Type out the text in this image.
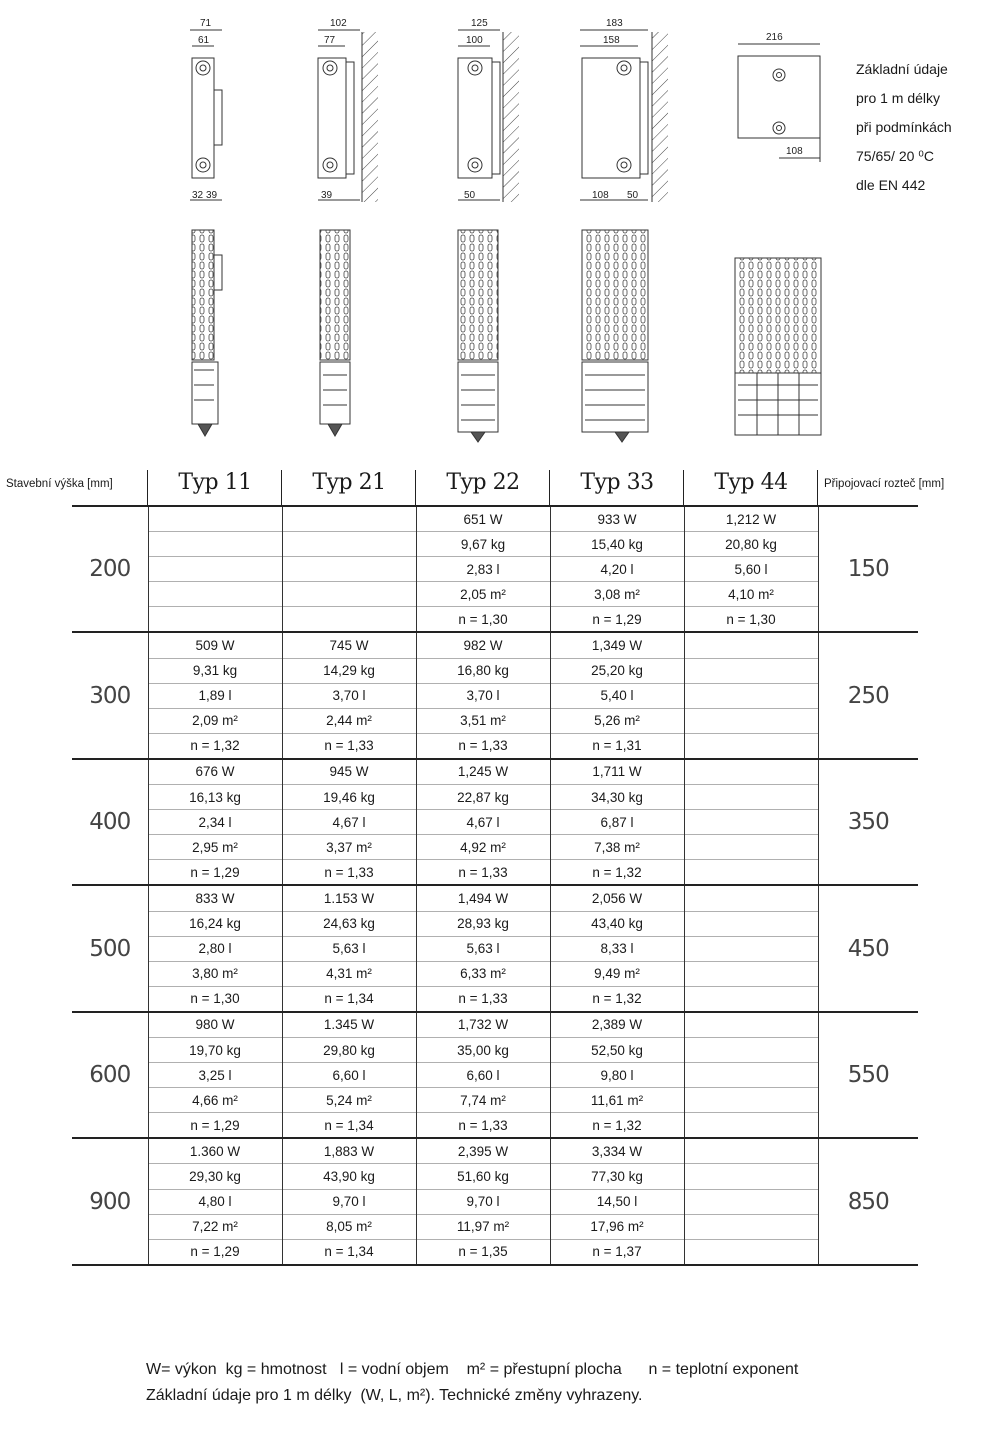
71
61
32 39
102
77
39
125
100
50
183
158
108 50
216
108
Základní údaje
pro 1 m délky
při podmínkách
75/65/ 20 ⁰C
dle EN 442
Stavební výška [mm]	Připojovací rozteč [mm]
Typ 11	Typ 21	Typ 22	Typ 33	Typ 44
200			651 W	933 W	1,212 W	150
			9,67 kg	15,40 kg	20,80 kg	
			2,83 l	4,20 l	5,60 l	
			2,05 m²	3,08 m²	4,10 m²	
			n = 1,30	n = 1,29	n = 1,30	
300	509 W	745 W	982 W	1,349 W		250
	9,31 kg	14,29 kg	16,80 kg	25,20 kg		
	1,89 l	3,70 l	3,70 l	5,40 l		
	2,09 m²	2,44 m²	3,51 m²	5,26 m²		
	n = 1,32	n = 1,33	n = 1,33	n = 1,31		
400	676 W	945 W	1,245 W	1,711 W		350
	16,13 kg	19,46 kg	22,87 kg	34,30 kg		
	2,34 l	4,67 l	4,67 l	6,87 l		
	2,95 m²	3,37 m²	4,92 m²	7,38 m²		
	n = 1,29	n = 1,33	n = 1,33	n = 1,32		
500	833 W	1.153 W	1,494 W	2,056 W		450
	16,24 kg	24,63 kg	28,93 kg	43,40 kg		
	2,80 l	5,63 l	5,63 l	8,33 l		
	3,80 m²	4,31 m²	6,33 m²	9,49 m²		
	n = 1,30	n = 1,34	n = 1,33	n = 1,32		
600	980 W	1.345 W	1,732 W	2,389 W		550
	19,70 kg	29,80 kg	35,00 kg	52,50 kg		
	3,25 l	6,60 l	6,60 l	9,80 l		
	4,66 m²	5,24 m²	7,74 m²	11,61 m²		
	n = 1,29	n = 1,34	n = 1,33	n = 1,32		
900	1.360 W	1,883 W	2,395 W	3,334 W		850
	29,30 kg	43,90 kg	51,60 kg	77,30 kg		
	4,80 l	9,70 l	9,70 l	14,50 l		
	7,22 m²	8,05 m²	11,97 m²	17,96 m²		
	n = 1,29	n = 1,34	n = 1,35	n = 1,37		
W= výkon  kg = hmotnost   l = vodní objem    m² = přestupní plocha      n = teplotní exponent
Základní údaje pro 1 m délky  (W, L, m²). Technické změny vyhrazeny.
